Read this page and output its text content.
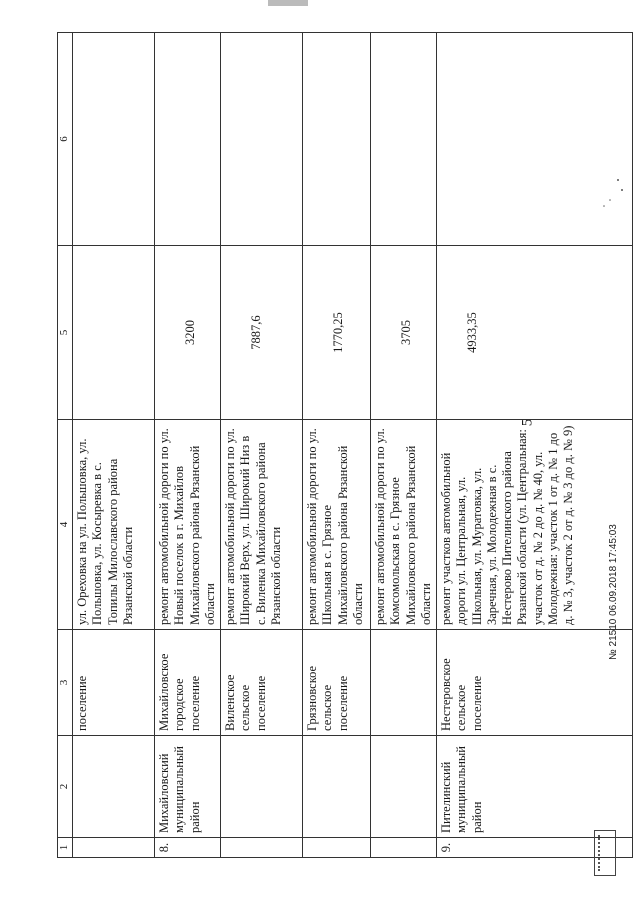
5
1	2	3	4	5	6
		поселение	ул. Ореховка на ул. Польшовка, ул. Польшовка, ул. Косыревка в с. Топилы Милославского района Рязанской области		
8.	Михайловский муниципальный район	Михайловское городское поселение	ремонт автомобильной дороги по ул. Новый поселок в г. Михайлов Михайловского района Рязанской области	3200	
		Виленское сельское поселение	ремонт автомобильной дороги по ул. Широкий Верх, ул. Широкий Низ в с. Виленка Михайловского района Рязанской области	7887,6	
		Грязновское сельское поселение	ремонт автомобильной дороги по ул. Школьная в с. Грязное Михайловского района Рязанской области	1770,25	
			ремонт автомобильной дороги по ул. Комсомольская в с. Грязное Михайловского района Рязанской области	3705	
9.	Пителинский муниципальный район	Нестеровское сельское поселение	ремонт участков автомобильной дороги ул. Центральная, ул. Школьная, ул. Муратовка, ул. Заречная, ул. Молодежная в с. Нестерово Пителинского района Рязанской области (ул. Центральная: участок от д. № 2 до д. № 40, ул. Молодежная: участок 1 от д. № 1 до д. № 3, участок 2 от д. № 3 до д. № 9)	4933,35	
№ 21510 06.09.2018 17:45:03
